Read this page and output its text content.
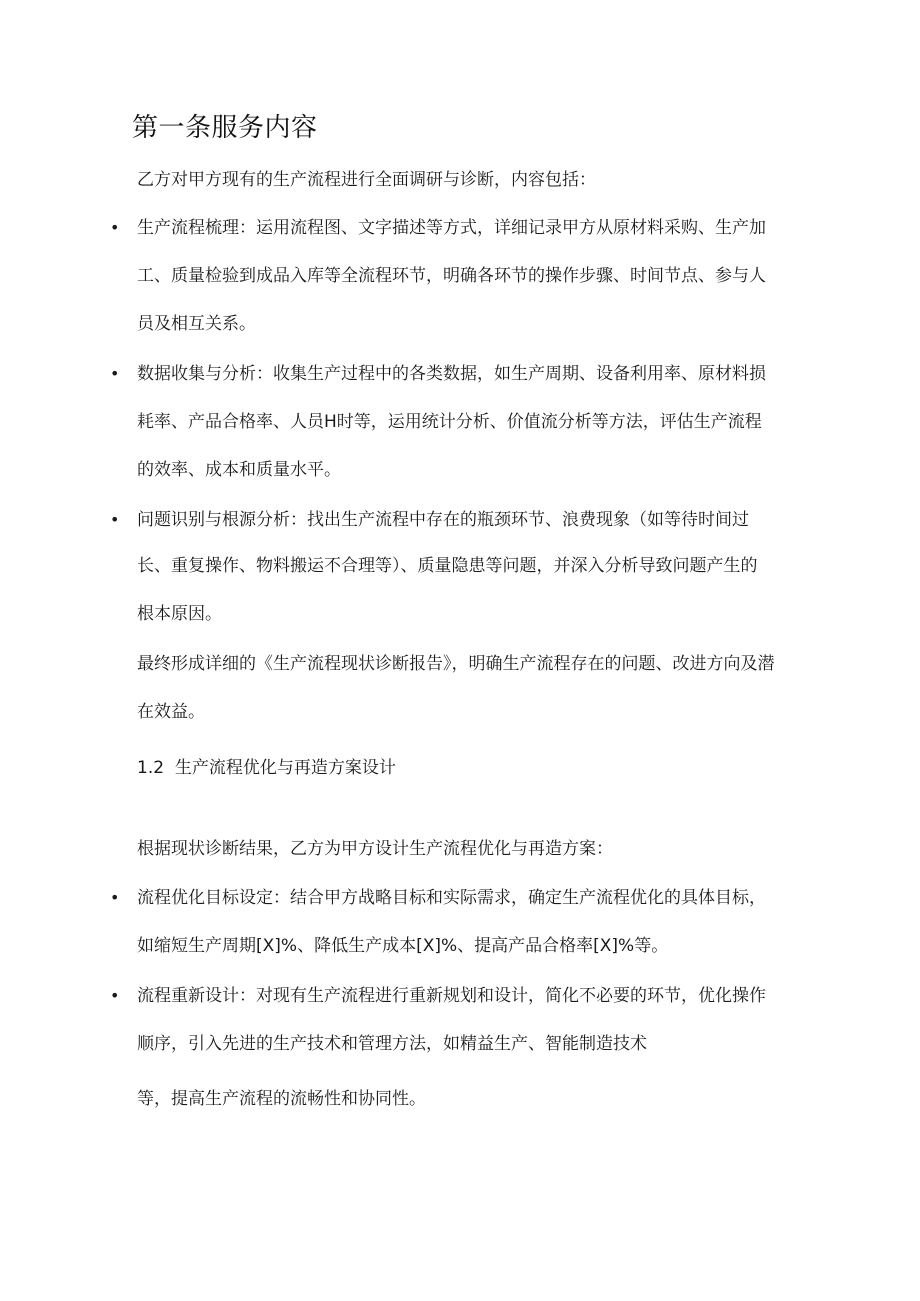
第一条服务内容
乙方对甲方现有的生产流程进行全面调研与诊断，内容包括：
• 生产流程梳理：运用流程图、文字描述等方式，详细记录甲方从原材料采购、生产加
工、质量检验到成品入库等全流程环节，明确各环节的操作步骤、时间节点、参与人
员及相互关系。
• 数据收集与分析：收集生产过程中的各类数据，如生产周期、设备利用率、原材料损
耗率、产品合格率、人员H时等，运用统计分析、价值流分析等方法，评估生产流程
的效率、成本和质量水平。
• 问题识别与根源分析：找出生产流程中存在的瓶颈环节、浪费现象（如等待时间过
长、重复操作、物料搬运不合理等）、质量隐患等问题，并深入分析导致问题产生的
根本原因。
最终形成详细的《生产流程现状诊断报告》，明确生产流程存在的问题、改进方向及潜
在效益。
1.2 生产流程优化与再造方案设计
根据现状诊断结果，乙方为甲方设计生产流程优化与再造方案：
• 流程优化目标设定：结合甲方战略目标和实际需求，确定生产流程优化的具体目标，
如缩短生产周期[X]%、降低生产成本[X]%、提高产品合格率[X]%等。
• 流程重新设计：对现有生产流程进行重新规划和设计，简化不必要的环节，优化操作
顺序，引入先进的生产技术和管理方法，如精益生产、智能制造技术
等，提高生产流程的流畅性和协同性。
